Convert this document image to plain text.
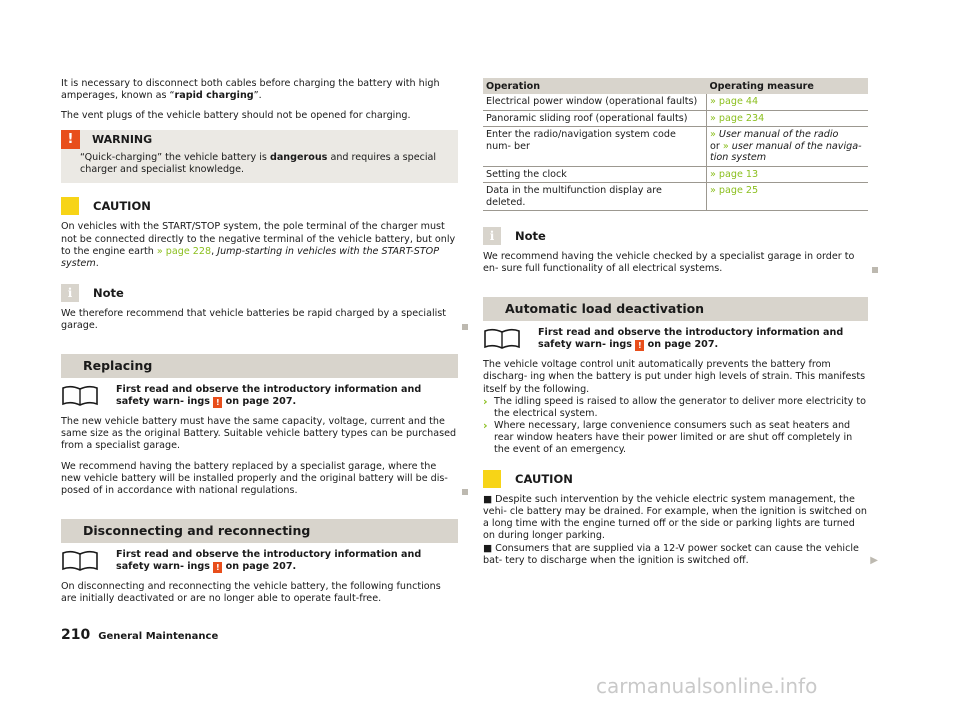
It is necessary to disconnect both cables before charging the battery with high amperages, known as “rapid charging”.

The vent plugs of the vehicle battery should not be opened for charging.

!	WARNING

“Quick-charging” the vehicle battery is dangerous and requires a special charger and specialist knowledge.

CAUTION

On vehicles with the START/STOP system, the pole terminal of the charger must not be connected directly to the negative terminal of the vehicle battery, but only to the engine earth » page 228, Jump-starting in vehicles with the START-STOP system.

i	Note

We therefore recommend that vehicle batteries be rapid charged by a specialist garage.

Replacing
First read and observe the introductory information and safety warn- ings ! on page 207.

The new vehicle battery must have the same capacity, voltage, current and the same size as the original Battery. Suitable vehicle battery types can be purchased from a specialist garage.

We recommend having the battery replaced by a specialist garage, where the new vehicle battery will be installed properly and the original battery will be dis- posed of in accordance with national regulations.

Disconnecting and reconnecting
First read and observe the introductory information and safety warn- ings ! on page 207.

On disconnecting and reconnecting the vehicle battery, the following functions are initially deactivated or are no longer able to operate fault-free.

Operation	Operating measure
Electrical power window (operational faults)	» page 44
Panoramic sliding roof (operational faults)	» page 234
Enter the radio/navigation system code num- ber	» User manual of the radio
or » user manual of the naviga- tion system
Setting the clock	» page 13
Data in the multifunction display are deleted.	» page 25
i	Note

We recommend having the vehicle checked by a specialist garage in order to en- sure full functionality of all electrical systems.

Automatic load deactivation
First read and observe the introductory information and safety warn- ings ! on page 207.

The vehicle voltage control unit automatically prevents the battery from discharg- ing when the battery is put under high levels of strain. This manifests itself by the following.

› The idling speed is raised to allow the generator to deliver more electricity to the electrical system.

› Where necessary, large convenience consumers such as seat heaters and rear window heaters have their power limited or are shut off completely in the event of an emergency.

CAUTION

■ Despite such intervention by the vehicle electric system management, the vehi- cle battery may be drained. For example, when the ignition is switched on a long time with the engine turned off or the side or parking lights are turned on during longer parking.

■ Consumers that are supplied via a 12-V power socket can cause the vehicle bat- tery to discharge when the ignition is switched off.	▶

210 General Maintenance
carmanualsonline.info
